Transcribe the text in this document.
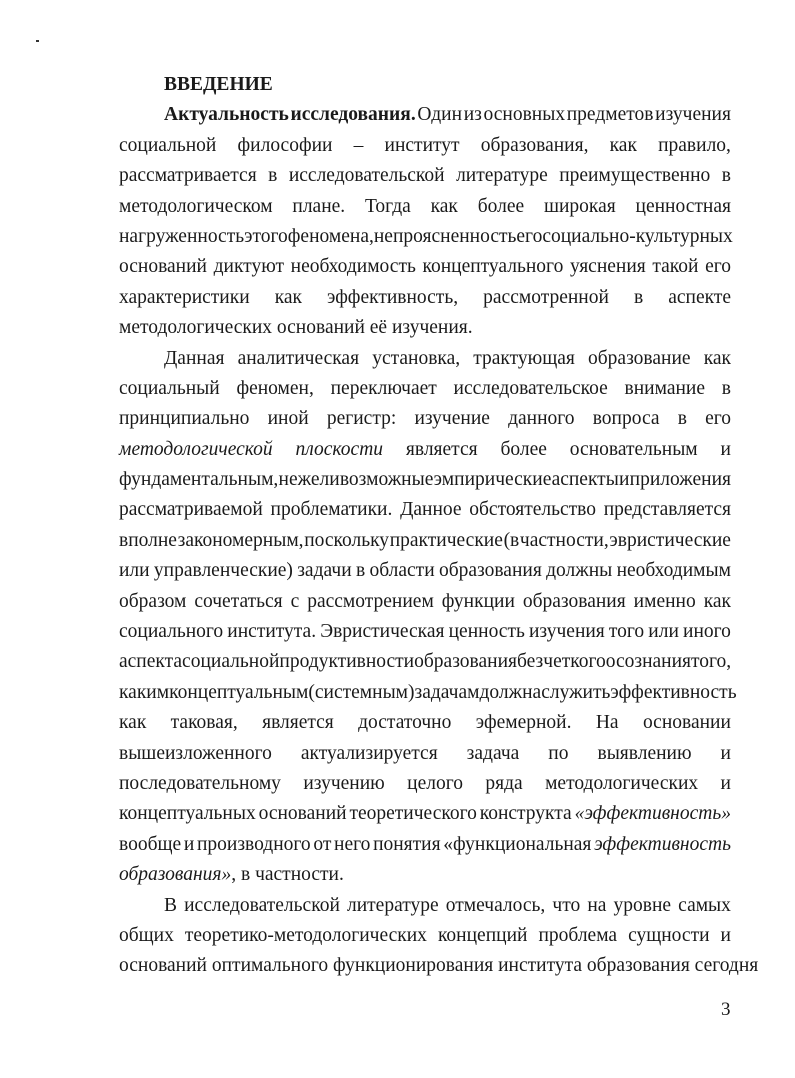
ВВЕДЕНИЕ
Актуальность исследования. Один из основных предметов изучения
социальной философии – институт образования, как правило,
рассматривается в исследовательской литературе преимущественно в
методологическом плане. Тогда как более широкая ценностная
нагруженность этого феномена, непроясненность его социально-культурных
оснований диктуют необходимость концептуального уяснения такой его
характеристики как эффективность, рассмотренной в аспекте
методологических оснований её изучения.
Данная аналитическая установка, трактующая образование как
социальный феномен, переключает исследовательское внимание в
принципиально иной регистр: изучение данного вопроса в его
методологической плоскости является более основательным и
фундаментальным, нежели возможные эмпирические аспекты и приложения
рассматриваемой проблематики. Данное обстоятельство представляется
вполне закономерным, поскольку практические (в частности, эвристические
или управленческие) задачи в области образования должны необходимым
образом сочетаться с рассмотрением функции образования именно как
социального института. Эвристическая ценность изучения того или иного
аспекта социальной продуктивности образования без четкого осознания того,
каким концептуальным (системным) задачам должна служить эффективность
как таковая, является достаточно эфемерной. На основании
вышеизложенного актуализируется задача по выявлению и
последовательному изучению целого ряда методологических и
концептуальных оснований теоретического конструкта «эффективность»
вообще и производного от него понятия «функциональная эффективность
образования» , в частности.
В исследовательской литературе отмечалось, что на уровне самых
общих теоретико-методологических концепций проблема сущности и
оснований
оптимального
функционирования
института
образования
сегодня
3
